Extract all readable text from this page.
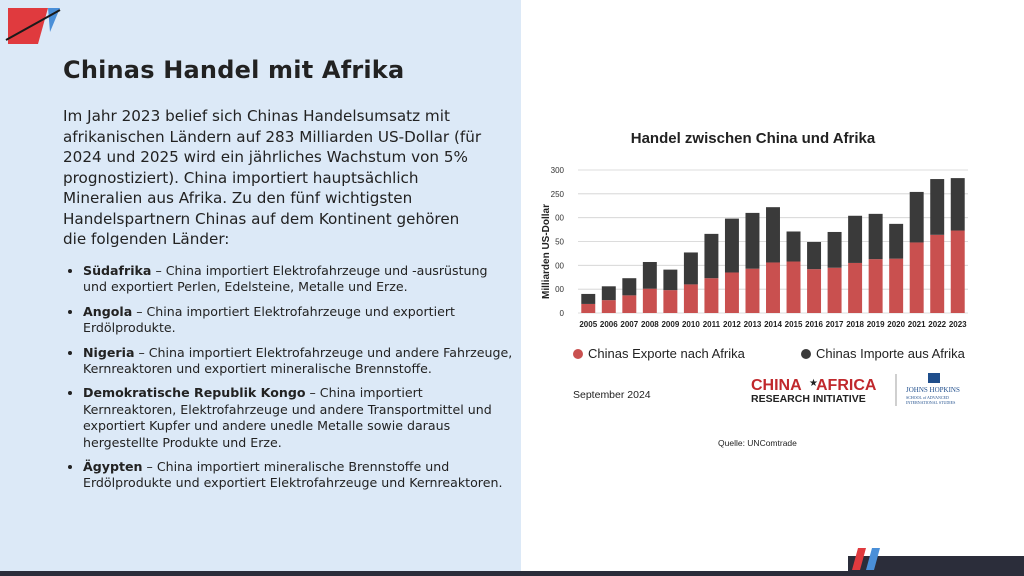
Chinas Handel mit Afrika

Im Jahr 2023 belief sich Chinas Handelsumsatz mit afrikanischen Ländern auf 283 Milliarden US-Dollar (für 2024 und 2025 wird ein jährliches Wachstum von 5% prognostiziert). China importiert hauptsächlich Mineralien aus Afrika. Zu den fünf wichtigsten Handelspartnern Chinas auf dem Kontinent gehören die folgenden Länder:

• Südafrika – China importiert Elektrofahrzeuge und -ausrüstung und exportiert Perlen, Edelsteine, Metalle und Erze.
• Angola – China importiert Elektrofahrzeuge und exportiert Erdölprodukte.
• Nigeria – China importiert Elektrofahrzeuge und andere Fahrzeuge, Kernreaktoren und exportiert mineralische Brennstoffe.
• Demokratische Republik Kongo – China importiert Kernreaktoren, Elektrofahrzeuge und andere Transportmittel und exportiert Kupfer und andere unedle Metalle sowie daraus hergestellte Produkte und Erze.
• Ägypten – China importiert mineralische Brennstoffe und Erdölprodukte und exportiert Elektrofahrzeuge und Kernreaktoren.
Handel zwischen China und Afrika
0
00
00
50
00
250
300
Milliarden US-Dollar
2005 2006 2007 2008 2009 2010 2011 2012 2013 2014 2015 2016 2017 2018 2019 2020 2021 2022 2023
Chinas Exporte nach Afrika	Chinas Importe aus Afrika
September 2024
CHINA AFRICA
★
RESEARCH INITIATIVE
JOHNS HOPKINS
SCHOOL of ADVANCED
INTERNATIONAL STUDIES
Quelle: UNComtrade
